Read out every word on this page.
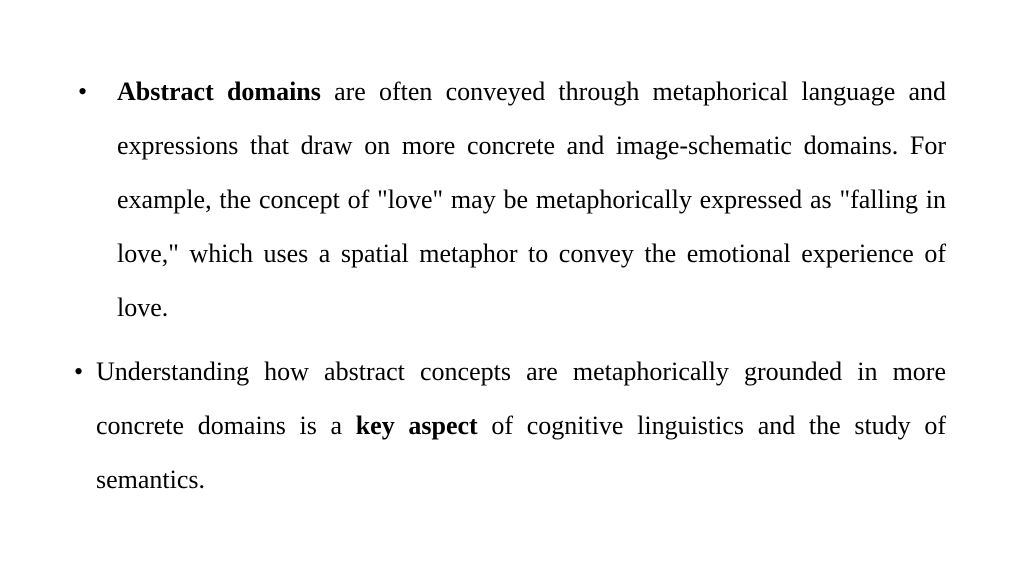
• Abstract domains are often conveyed through metaphorical language and expressions that draw on more concrete and image-schematic domains. For example, the concept of "love" may be metaphorically expressed as "falling in love," which uses a spatial metaphor to convey the emotional experience of love.
• Understanding how abstract concepts are metaphorically grounded in more concrete domains is a key aspect of cognitive linguistics and the study of semantics.
